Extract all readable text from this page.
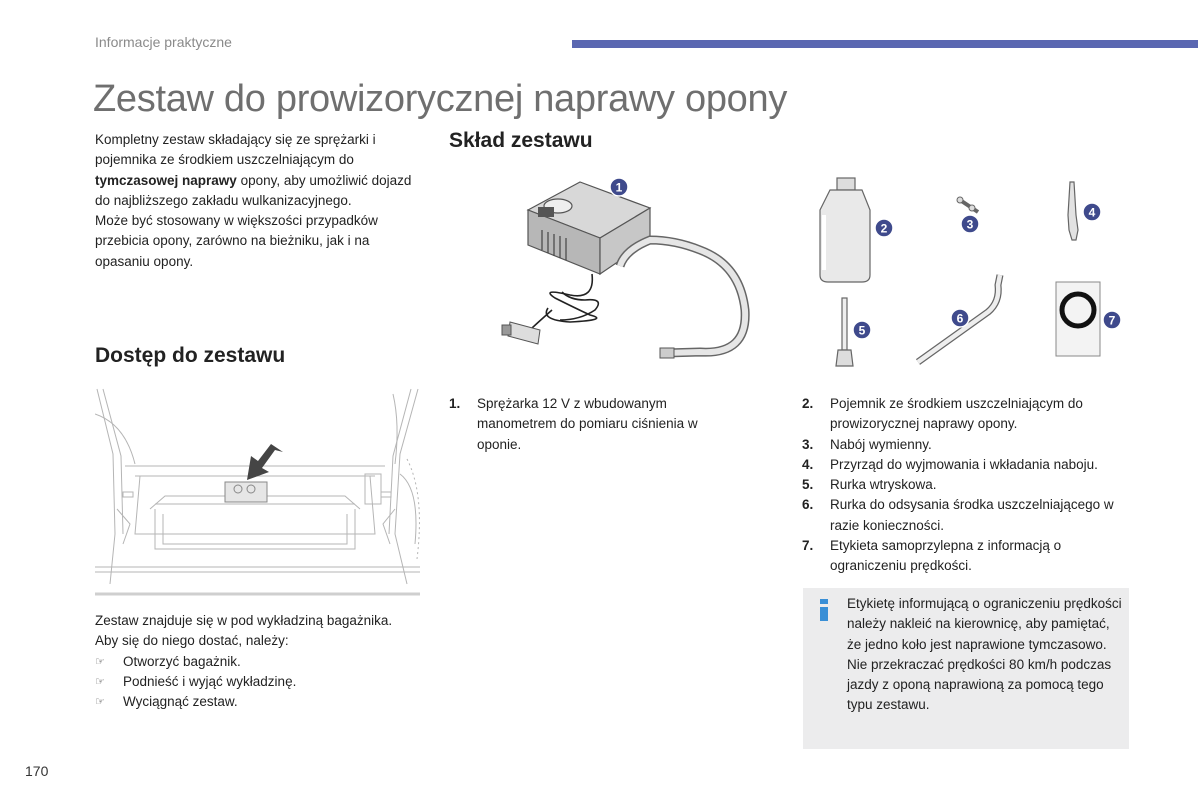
Informacje praktyczne
Zestaw do prowizorycznej naprawy opony
Kompletny zestaw składający się ze sprężarki i pojemnika ze środkiem uszczelniającym do tymczasowej naprawy opony, aby umożliwić dojazd do najbliższego zakładu wulkanizacyjnego.
Może być stosowany w większości przypadków przebicia opony, zarówno na bieżniku, jak i na opasaniu opony.
Dostęp do zestawu
Zestaw znajduje się w pod wykładziną bagażnika.
Aby się do niego dostać, należy:
☞	Otworzyć bagażnik.
☞	Podnieść i wyjąć wykładzinę.
☞	Wyciągnąć zestaw.
Skład zestawu
1
2	3
4
5
6	7
1.	Sprężarka 12 V z wbudowanym manometrem do pomiaru ciśnienia w oponie.
2.	Pojemnik ze środkiem uszczelniającym do prowizorycznej naprawy opony.
3.	Nabój wymienny.
4.	Przyrząd do wyjmowania i wkładania naboju.
5.	Rurka wtryskowa.
6.	Rurka do odsysania środka uszczelniającego w razie konieczności.
7.	Etykieta samoprzylepna z informacją o ograniczeniu prędkości.
Etykietę informującą o ograniczeniu prędkości należy nakleić na kierownicę, aby pamiętać, że jedno koło jest naprawione tymczasowo.
Nie przekraczać prędkości 80 km/h podczas jazdy z oponą naprawioną za pomocą tego typu zestawu.
170
